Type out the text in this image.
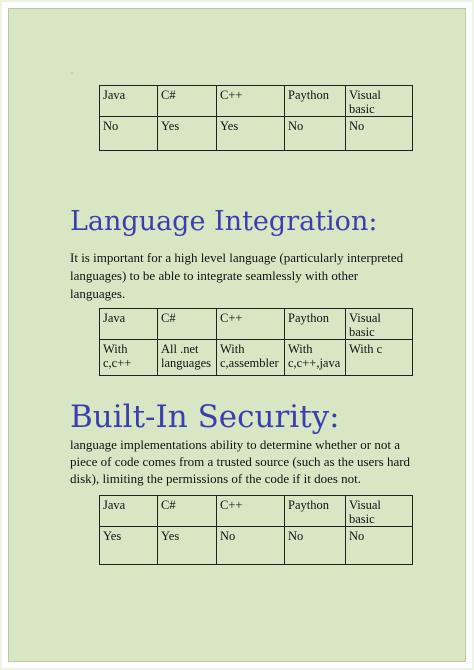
Java	C#	C++	Paython	Visual basic
No	Yes	Yes	No	No
Language Integration:

It is important for a high level language (particularly interpreted languages) to be able to integrate seamlessly with other languages.

Java	C#	C++	Paython	Visual basic
With c,c++	All .net languages	With c,assembler	With c,c++,java	With c
Built-In Security:

language implementations ability to determine whether or not a piece of code comes from a trusted source (such as the users hard disk), limiting the permissions of the code if it does not.

Java	C#	C++	Paython	Visual basic
Yes	Yes	No	No	No
